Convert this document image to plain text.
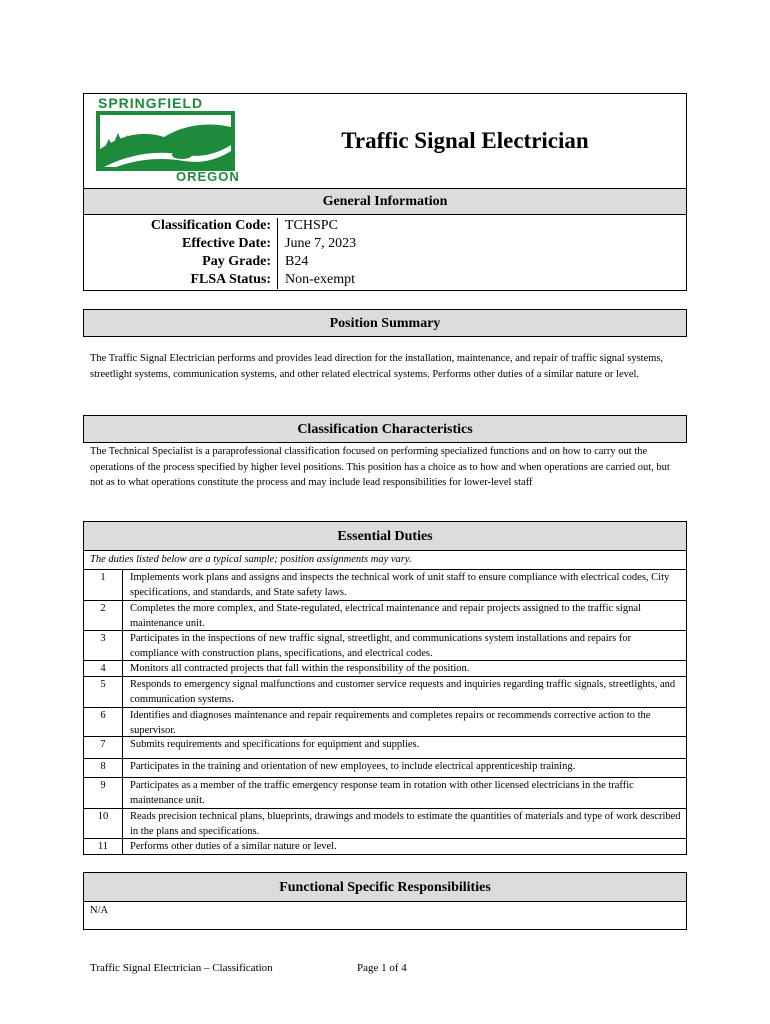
SPRINGFIELD
OREGON
Traffic Signal Electrician
General Information
Classification Code: TCHSPC
Effective Date: June 7, 2023
Pay Grade: B24
FLSA Status: Non-exempt
Position Summary
The Traffic Signal Electrician performs and provides lead direction for the installation, maintenance, and repair of traffic signal systems, streetlight systems, communication systems, and other related electrical systems. Performs other duties of a similar nature or level.
Classification Characteristics
The Technical Specialist is a paraprofessional classification focused on performing specialized functions and on how to carry out the operations of the process specified by higher level positions. This position has a choice as to how and when operations are carried out, but not as to what operations constitute the process and may include lead responsibilities for lower-level staff
Essential Duties
The duties listed below are a typical sample; position assignments may vary.
1	Implements work plans and assigns and inspects the technical work of unit staff to ensure compliance with electrical codes, City specifications, and standards, and State safety laws.
2	Completes the more complex, and State-regulated, electrical maintenance and repair projects assigned to the traffic signal maintenance unit.
3	Participates in the inspections of new traffic signal, streetlight, and communications system installations and repairs for compliance with construction plans, specifications, and electrical codes.
4	Monitors all contracted projects that fall within the responsibility of the position.
5	Responds to emergency signal malfunctions and customer service requests and inquiries regarding traffic signals, streetlights, and communication systems.
6	Identifies and diagnoses maintenance and repair requirements and completes repairs or recommends corrective action to the supervisor.
7	Submits requirements and specifications for equipment and supplies.
8	Participates in the training and orientation of new employees, to include electrical apprenticeship training.
9	Participates as a member of the traffic emergency response team in rotation with other licensed electricians in the traffic maintenance unit.
10	Reads precision technical plans, blueprints, drawings and models to estimate the quantities of materials and type of work described in the plans and specifications.
11	Performs other duties of a similar nature or level.
Functional Specific Responsibilities
N/A
Traffic Signal Electrician – Classification	Page 1 of 4
